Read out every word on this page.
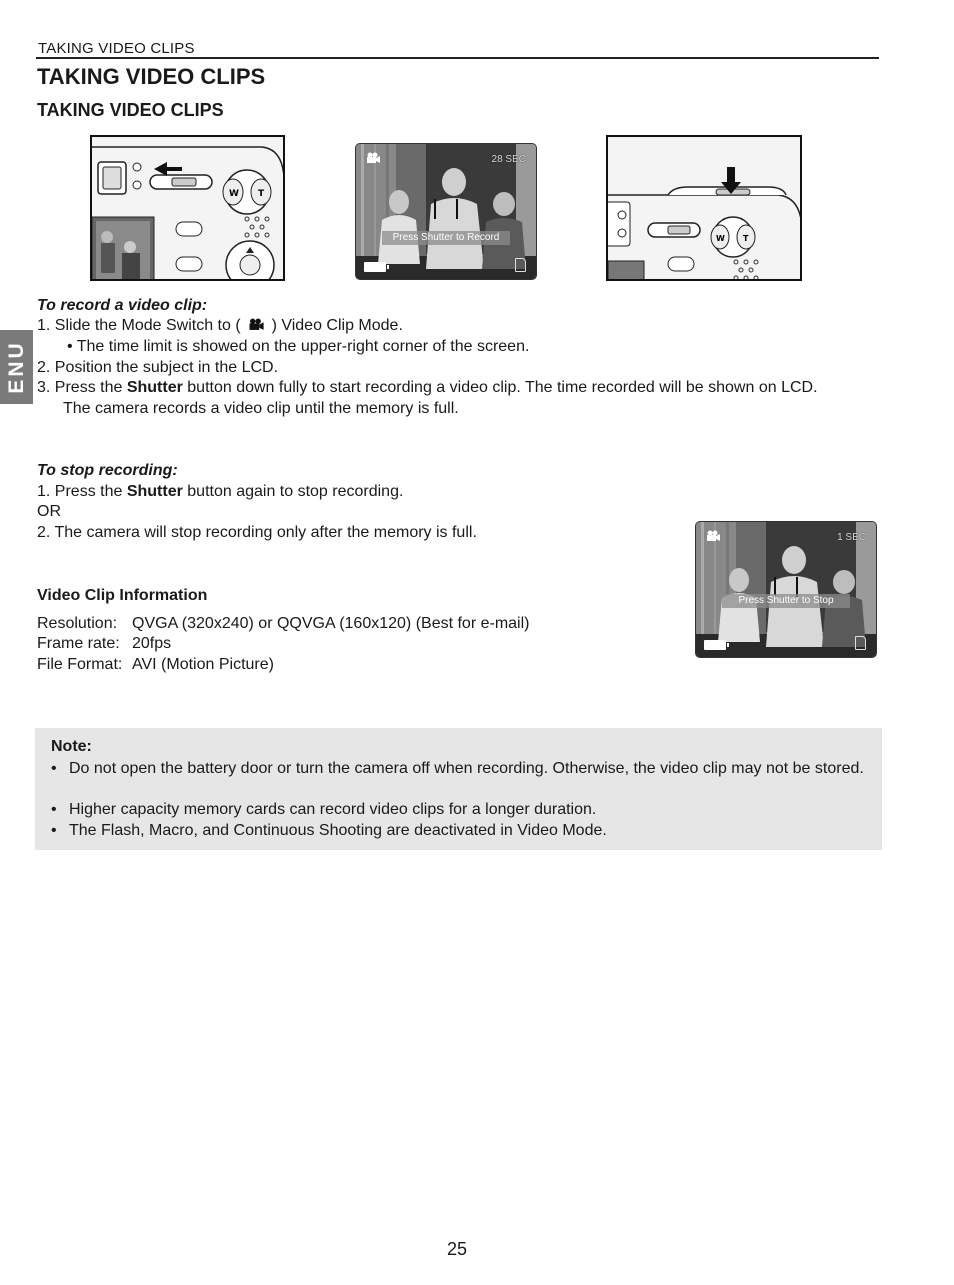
TAKING VIDEO CLIPS
TAKING VIDEO CLIPS
TAKING VIDEO CLIPS
ENU
W T
28 SEC
Press Shutter to Record	W T
To record a video clip:
1. Slide the Mode Switch to ( ) Video Clip Mode.
• The time limit is showed on the upper-right corner of the screen.
2. Position the subject in the LCD.
3. Press the Shutter button down fully to start recording a video clip. The time recorded will be shown on LCD.
The camera records a video clip until the memory is full.
To stop recording:
1. Press the Shutter button again to stop recording.
OR
2. The camera will stop recording only after the memory is full.	1 SEC
Press Shutter to Stop
Video Clip Information
Resolution: QVGA (320x240) or QQVGA (160x120) (Best for e-mail)
Frame rate: 20fps
File Format: AVI (Motion Picture)
Note:
• Do not open the battery door or turn the camera off when recording. Otherwise, the video clip may not be stored.
• Higher capacity memory cards can record video clips for a longer duration.
• The Flash, Macro, and Continuous Shooting are deactivated in Video Mode.
25
